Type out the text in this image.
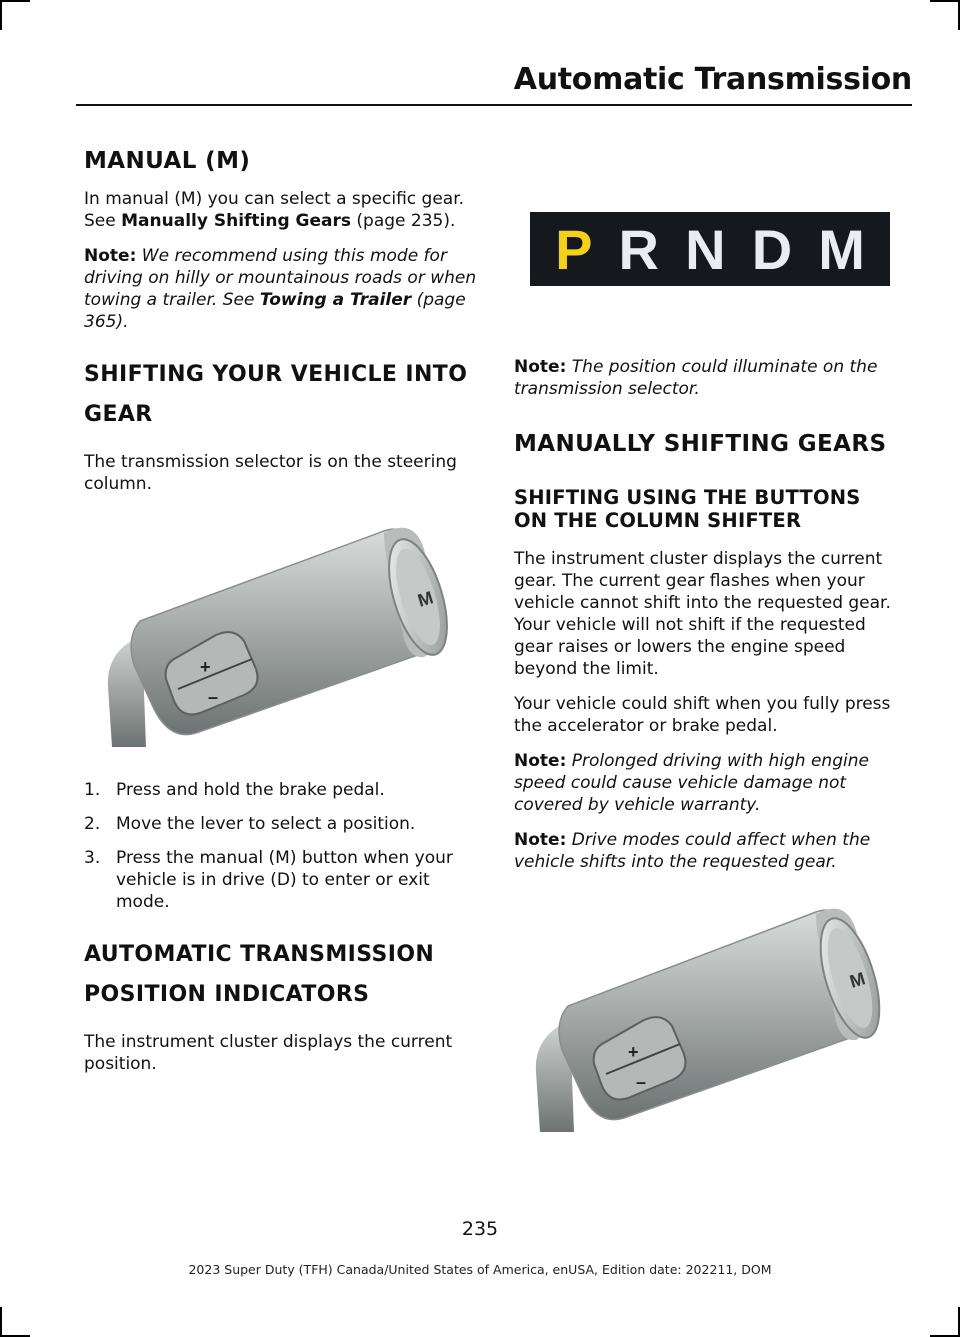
Automatic Transmission
MANUAL (M)

In manual (M) you can select a specific gear. See Manually Shifting Gears (page 235).

Note: We recommend using this mode for driving on hilly or mountainous roads or when towing a trailer. See Towing a Trailer (page 365).

SHIFTING YOUR VEHICLE INTO
GEAR

The transmission selector is on the steering column.

M
+
–
1. Press and hold the brake pedal.
2. Move the lever to select a position.
3. Press the manual (M) button when your vehicle is in drive (D) to enter or exit mode.
AUTOMATIC TRANSMISSION
POSITION INDICATORS

The instrument cluster displays the current position.

P R N D M

Note: The position could illuminate on the transmission selector.

MANUALLY SHIFTING GEARS
SHIFTING USING THE BUTTONS
ON THE COLUMN SHIFTER

The instrument cluster displays the current gear. The current gear flashes when your vehicle cannot shift into the requested gear. Your vehicle will not shift if the requested gear raises or lowers the engine speed beyond the limit.

Your vehicle could shift when you fully press the accelerator or brake pedal.

Note: Prolonged driving with high engine speed could cause vehicle damage not covered by vehicle warranty.

Note: Drive modes could affect when the vehicle shifts into the requested gear.

M
+
–
235
2023 Super Duty (TFH) Canada/United States of America, enUSA, Edition date: 202211, DOM
